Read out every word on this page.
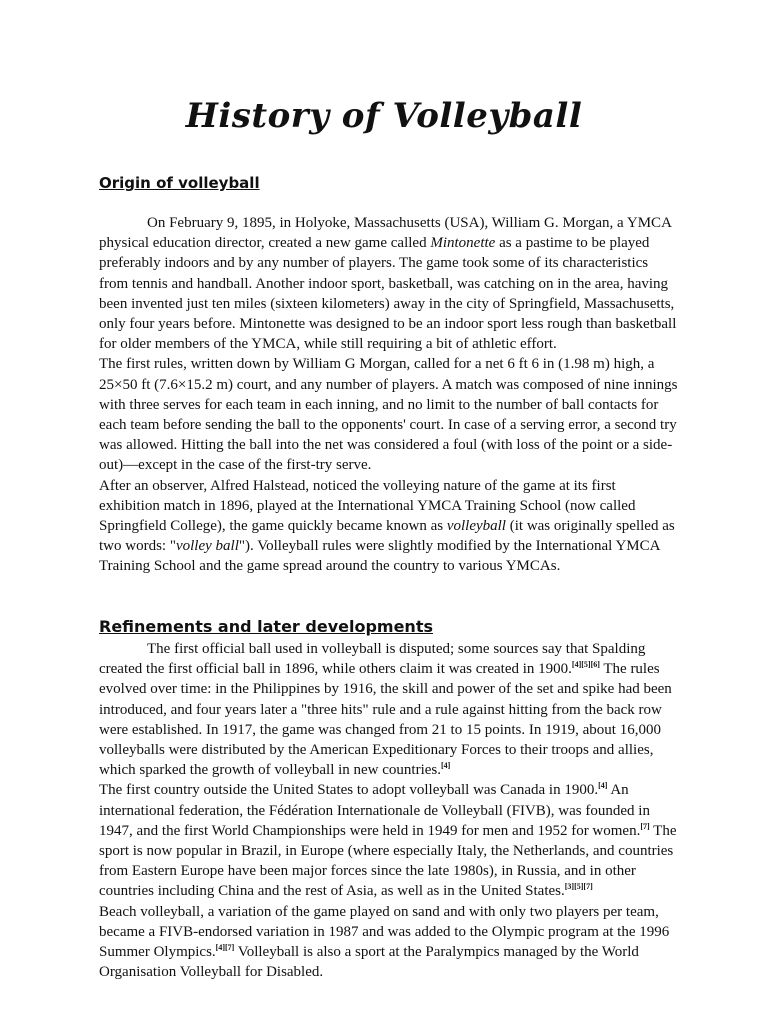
History of Volleyball
Origin of volleyball

On February 9, 1895, in Holyoke, Massachusetts (USA), William G. Morgan, a YMCA physical education director, created a new game called Mintonette as a pastime to be played preferably indoors and by any number of players. The game took some of its characteristics from tennis and handball. Another indoor sport, basketball, was catching on in the area, having been invented just ten miles (sixteen kilometers) away in the city of Springfield, Massachusetts, only four years before. Mintonette was designed to be an indoor sport less rough than basketball for older members of the YMCA, while still requiring a bit of athletic effort.

The first rules, written down by William G Morgan, called for a net 6 ft 6 in (1.98 m) high, a 25×50 ft (7.6×15.2 m) court, and any number of players. A match was composed of nine innings with three serves for each team in each inning, and no limit to the number of ball contacts for each team before sending the ball to the opponents' court. In case of a serving error, a second try was allowed. Hitting the ball into the net was considered a foul (with loss of the point or a side-out)—except in the case of the first-try serve.

After an observer, Alfred Halstead, noticed the volleying nature of the game at its first exhibition match in 1896, played at the International YMCA Training School (now called Springfield College), the game quickly became known as volleyball (it was originally spelled as two words: "volley ball"). Volleyball rules were slightly modified by the International YMCA Training School and the game spread around the country to various YMCAs.

Refinements and later developments

The first official ball used in volleyball is disputed; some sources say that Spalding created the first official ball in 1896, while others claim it was created in 1900.[4][5][6] The rules evolved over time: in the Philippines by 1916, the skill and power of the set and spike had been introduced, and four years later a "three hits" rule and a rule against hitting from the back row were established. In 1917, the game was changed from 21 to 15 points. In 1919, about 16,000 volleyballs were distributed by the American Expeditionary Forces to their troops and allies, which sparked the growth of volleyball in new countries.[4]

The first country outside the United States to adopt volleyball was Canada in 1900.[4] An international federation, the Fédération Internationale de Volleyball (FIVB), was founded in 1947, and the first World Championships were held in 1949 for men and 1952 for women.[7] The sport is now popular in Brazil, in Europe (where especially Italy, the Netherlands, and countries from Eastern Europe have been major forces since the late 1980s), in Russia, and in other countries including China and the rest of Asia, as well as in the United States.[3][5][7]

Beach volleyball, a variation of the game played on sand and with only two players per team, became a FIVB-endorsed variation in 1987 and was added to the Olympic program at the 1996 Summer Olympics.[4][7] Volleyball is also a sport at the Paralympics managed by the World Organisation Volleyball for Disabled.
